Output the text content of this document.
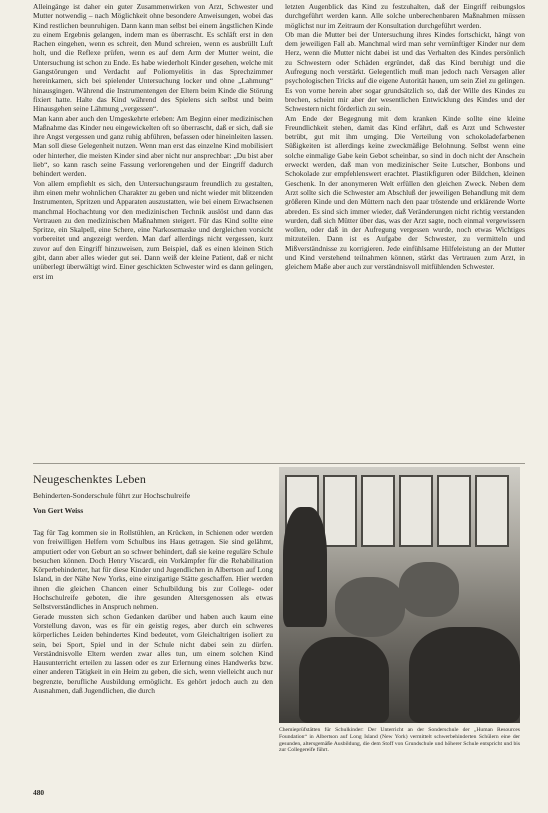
Alleingänge ist daher ein guter Zusammenwirken von Arzt, Schwester und Mutter notwendig – nach Möglichkeit ohne besondere Anweisungen, wobei das Kind restlichen beunruhigen. Dann kann man selbst bei einem ängstlichen Kinde zu einem Ergebnis gelangen, indem man es überrascht. Es schläft erst in den Rachen eingehen, wenn es schreit, den Mund schreien, wenn es ausbrüllt Luft holt, und die Reflexe prüfen, wenn es auf dem Arm der Mutter weint, die Untersuchung ist schon zu Ende. Es habe wiederholt Kinder gesehen, welche mit Gangstörungen und Verdacht auf Poliomyelitis in das Sprechzimmer hereinkamen, sich bei spielender Untersuchung locker und ohne „Lahmung“ hinausgingen. Während die Instrumentengen der Eltern beim Kinde die Störung fixiert hatte. Halte das Kind während des Spielens sich selbst und beim Hinausgehen seine Lähmung „vergessen“.

Man kann aber auch den Umgeskehrte erleben: Am Beginn einer medizinischen Maßnahme das Kinder neu eingewickelten oft so überrascht, daß er sich, daß sie ihre Angst vergessen und ganz ruhig abführen, befassen oder hineinleiten lassen. Man soll diese Gelegenheit nutzen. Wenn man erst das einzelne Kind mobilisiert oder hinterher, die meisten Kinder sind aber nicht nur ansprechbar: „Du bist aber lieb“, so kann rasch seine Fassung verlorengehen und der Eingriff dadurch behindert werden.

Von allem empfiehlt es sich, den Untersuchungsraum freundlich zu gestalten, ihm einen mehr wohnlichen Charakter zu geben und nicht wieder mit blitzenden Instrumenten, Spritzen und Apparaten auszustatten, wie bei einem Erwachsenen manchmal Hochachtung vor den medizinischen Technik auslöst und dann das Vertrauen zu den medizinischen Maßnahmen steigert. Für das Kind sollte eine Spritze, ein Skalpell, eine Schere, eine Narkosemaske und dergleichen vorsicht vorbereitet und angezeigt werden. Man darf allerdings nicht vergessen, kurz zuvor auf den Eingriff hinzuweisen, zum Beispiel, daß es einen kleinen Stich gibt, dann aber alles wieder gut sei. Dann weiß der kleine Patient, daß er nicht unüberlegt überwältigt wird. Einer geschickten Schwester wird es dann gelingen, erst im

letzten Augenblick das Kind zu festzuhalten, daß der Eingriff reibungslos durchgeführt werden kann. Alle solche unberechenbaren Maßnahmen müssen möglichst nur im Zeitraum der Konsultation durchgeführt werden.

Ob man die Mutter bei der Untersuchung ihres Kindes fortschickt, hängt von dem jeweiligen Fall ab. Manchmal wird man sehr vernünftiger Kinder nur dem Herz, wenn die Mutter nicht dabei ist und das Verhalten des Kindes persönlich zu Schwestern oder Schäden ergründet, daß das Kind beruhigt und die Aufregung noch verstärkt. Gelegentlich muß man jedoch nach Versagen aller psychologischen Tricks auf die eigene Autorität hauen, um sein Ziel zu gelingen. Es von vorne herein aber sogar grundsätzlich so, daß der Wille des Kindes zu brechen, scheint mir aber der wesentlichen Entwicklung des Kindes und der Schwestern nicht förderlich zu sein.

Am Ende der Begegnung mit dem kranken Kinde sollte eine kleine Freundlichkeit stehen, damit das Kind erfährt, daß es Arzt und Schwester betrübt, gut mit ihm umging. Die Verteilung von schokoladefarbenen Süßigkeiten ist allerdings keine zweckmäßige Belohnung. Selbst wenn eine solche einmalige Gabe kein Gebot scheinbar, so sind in doch nicht der Anschein erweckt werden, daß man von medizinischer Seite Lutscher, Bonbons und Schokolade zur empfehlenswert erachtet. Plastikfiguren oder Bildchen, kleinen Geschenk. In der anonymeren Welt erfüllen den gleichen Zweck. Neben dem Arzt sollte sich die Schwester am Abschluß der jeweiligen Behandlung mit dem größeren Kinde und den Müttern nach den paar tröstende und erklärende Worte abreden. Es sind sich immer wieder, daß Veränderungen nicht richtig verstanden wurden, daß sich Mütter über das, was der Arzt sagte, noch einmal vergewissern wollen, oder daß in der Aufregung vergessen wurde, noch etwas Wichtiges mitzuteilen. Dann ist es Aufgabe der Schwester, zu vermitteln und Mißverständnisse zu korrigieren. Jede einfühlsame Hilfeleistung an der Mutter und Kind verstehend teilnahmen können, stärkt das Vertrauen zum Arzt, in gleichem Maße aber auch zur verständnisvoll mitfühlenden Schwester.

Neugeschenktes Leben
Behinderten-Sonderschule führt zur Hochschulreife
Von Gert Weiss

Tag für Tag kommen sie in Rollstühlen, an Krücken, in Schienen oder werden von freiwilligen Helfern vom Schulbus ins Haus getragen. Sie sind gelähmt, amputiert oder von Geburt an so schwer behindert, daß sie keine reguläre Schule besuchen können. Doch Henry Viscardi, ein Vorkämpfer für die Rehabilitation Körperbehinderter, hat für diese Kinder und Jugendlichen in Albertson auf Long Island, in der Nähe New Yorks, eine einzigartige Stätte geschaffen. Hier werden ihnen die gleichen Chancen einer Schulbildung bis zur College- oder Hochschulreife geboten, die ihre gesunden Altersgenossen als etwas Selbstverständliches in Anspruch nehmen.

Gerade mussten sich schon Gedanken darüber und haben auch kaum eine Vorstellung davon, was es für ein geistig reges, aber durch ein schweres körperliches Leiden behindertes Kind bedeutet, vom Gleichaltrigen isoliert zu sein, bei Sport, Spiel und in der Schule nicht dabei sein zu dürfen. Verständnisvolle Eltern werden zwar alles tun, um einem solchen Kind Hausunterricht erteilen zu lassen oder es zur Erlernung eines Handwerks bzw. einer anderen Tätigkeit in ein Heim zu geben, die sich, wenn vielleicht auch nur begrenzte, berufliche Ausbildung ermöglicht. Es gehört jedoch auch zu den Ausnahmen, daß Jugendlichen, die durch

Chemieprüfstätten für Schulkinder: Der Unterricht an der Sonderschule der „Human Resources Foundation“ in Albertson auf Long Island (New York) vermittelt schwerbehinderten Schülern eine der gesunden, altersgemäße Ausbildung, die dem Stoff von Grundschule und höherer Schule entspricht und bis zur Collegereife führt.
480
